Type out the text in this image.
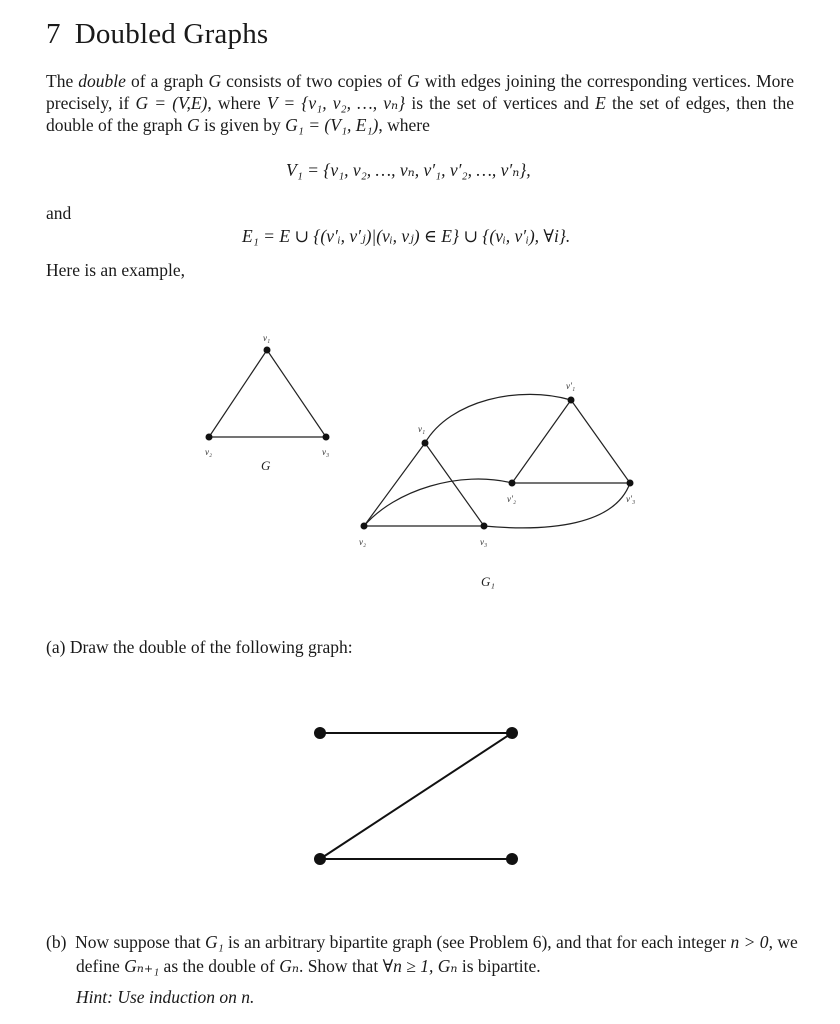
7 Doubled Graphs
The double of a graph G consists of two copies of G with edges joining the corresponding vertices. More precisely, if G = (V,E), where V = {v₁, v₂, …, vₙ} is the set of vertices and E the set of edges, then the double of the graph G is given by G₁ = (V₁, E₁), where
V₁ = {v₁, v₂, …, vₙ, v′₁, v′₂, …, v′ₙ},
and
E₁ = E ∪ {(v′ᵢ, v′ⱼ)|(vᵢ, vⱼ) ∈ E} ∪ {(vᵢ, v′ᵢ), ∀i}.
Here is an example,
v₁
v₂	v₃
G
v₁
v₂	v₃
v′₁
v′₂	v′₃
G₁
(a) Draw the double of the following graph:
(b) Now suppose that G₁ is an arbitrary bipartite graph (see Problem 6), and that for each integer n > 0, we define Gₙ₊₁ as the double of Gₙ. Show that ∀n ≥ 1, Gₙ is bipartite.
Hint: Use induction on n.
